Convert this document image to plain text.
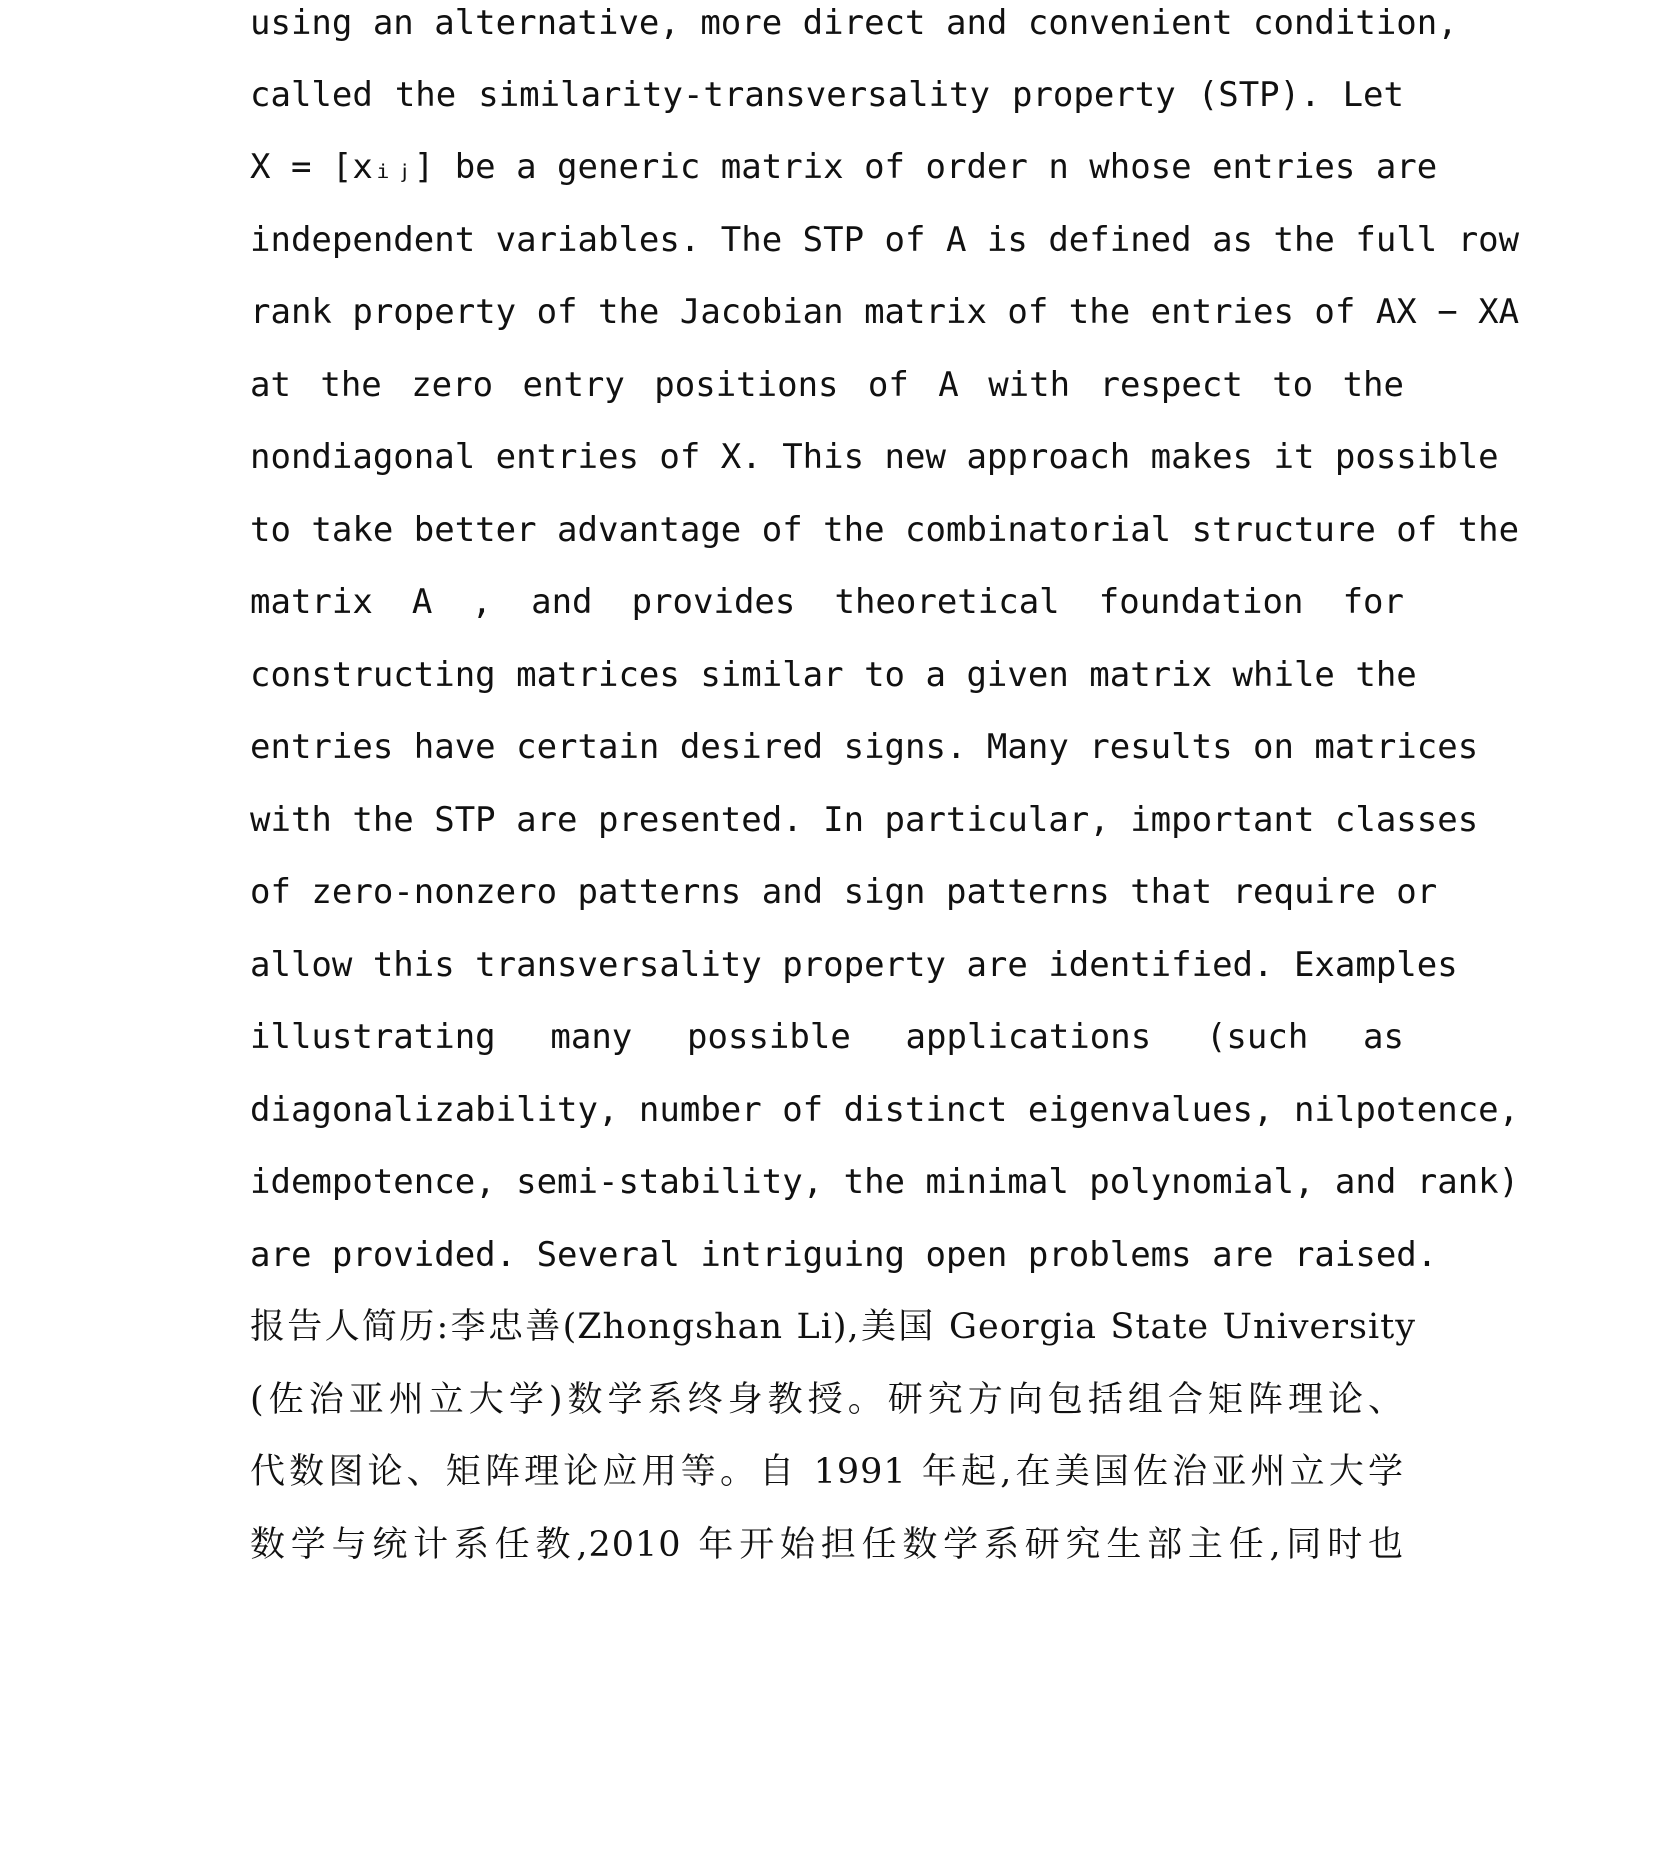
using an alternative, more direct and convenient condition,
called the similarity-transversality property (STP). Let
X = [xᵢⱼ] be a generic matrix of order n whose entries are
independent variables. The STP of A is defined as the full row
rank property of the Jacobian matrix of the entries of AX − XA
at the zero entry positions of A with respect to the
nondiagonal entries of X. This new approach makes it possible
to take better advantage of the combinatorial structure of the
matrix A , and provides theoretical foundation for
constructing matrices similar to a given matrix while the
entries have certain desired signs. Many results on matrices
with the STP are presented. In particular, important classes
of zero-nonzero patterns and sign patterns that require or
allow this transversality property are identified. Examples
illustrating many possible applications (such as
diagonalizability, number of distinct eigenvalues, nilpotence,
idempotence, semi-stability, the minimal polynomial, and rank)
are provided. Several intriguing open problems are raised.
报告人简历:李忠善(Zhongshan Li),美国 Georgia State University
(佐治亚州立大学)数学系终身教授。研究方向包括组合矩阵理论、
代数图论、矩阵理论应用等。自 1991 年起,在美国佐治亚州立大学
数学与统计系任教,2010 年开始担任数学系研究生部主任,同时也
